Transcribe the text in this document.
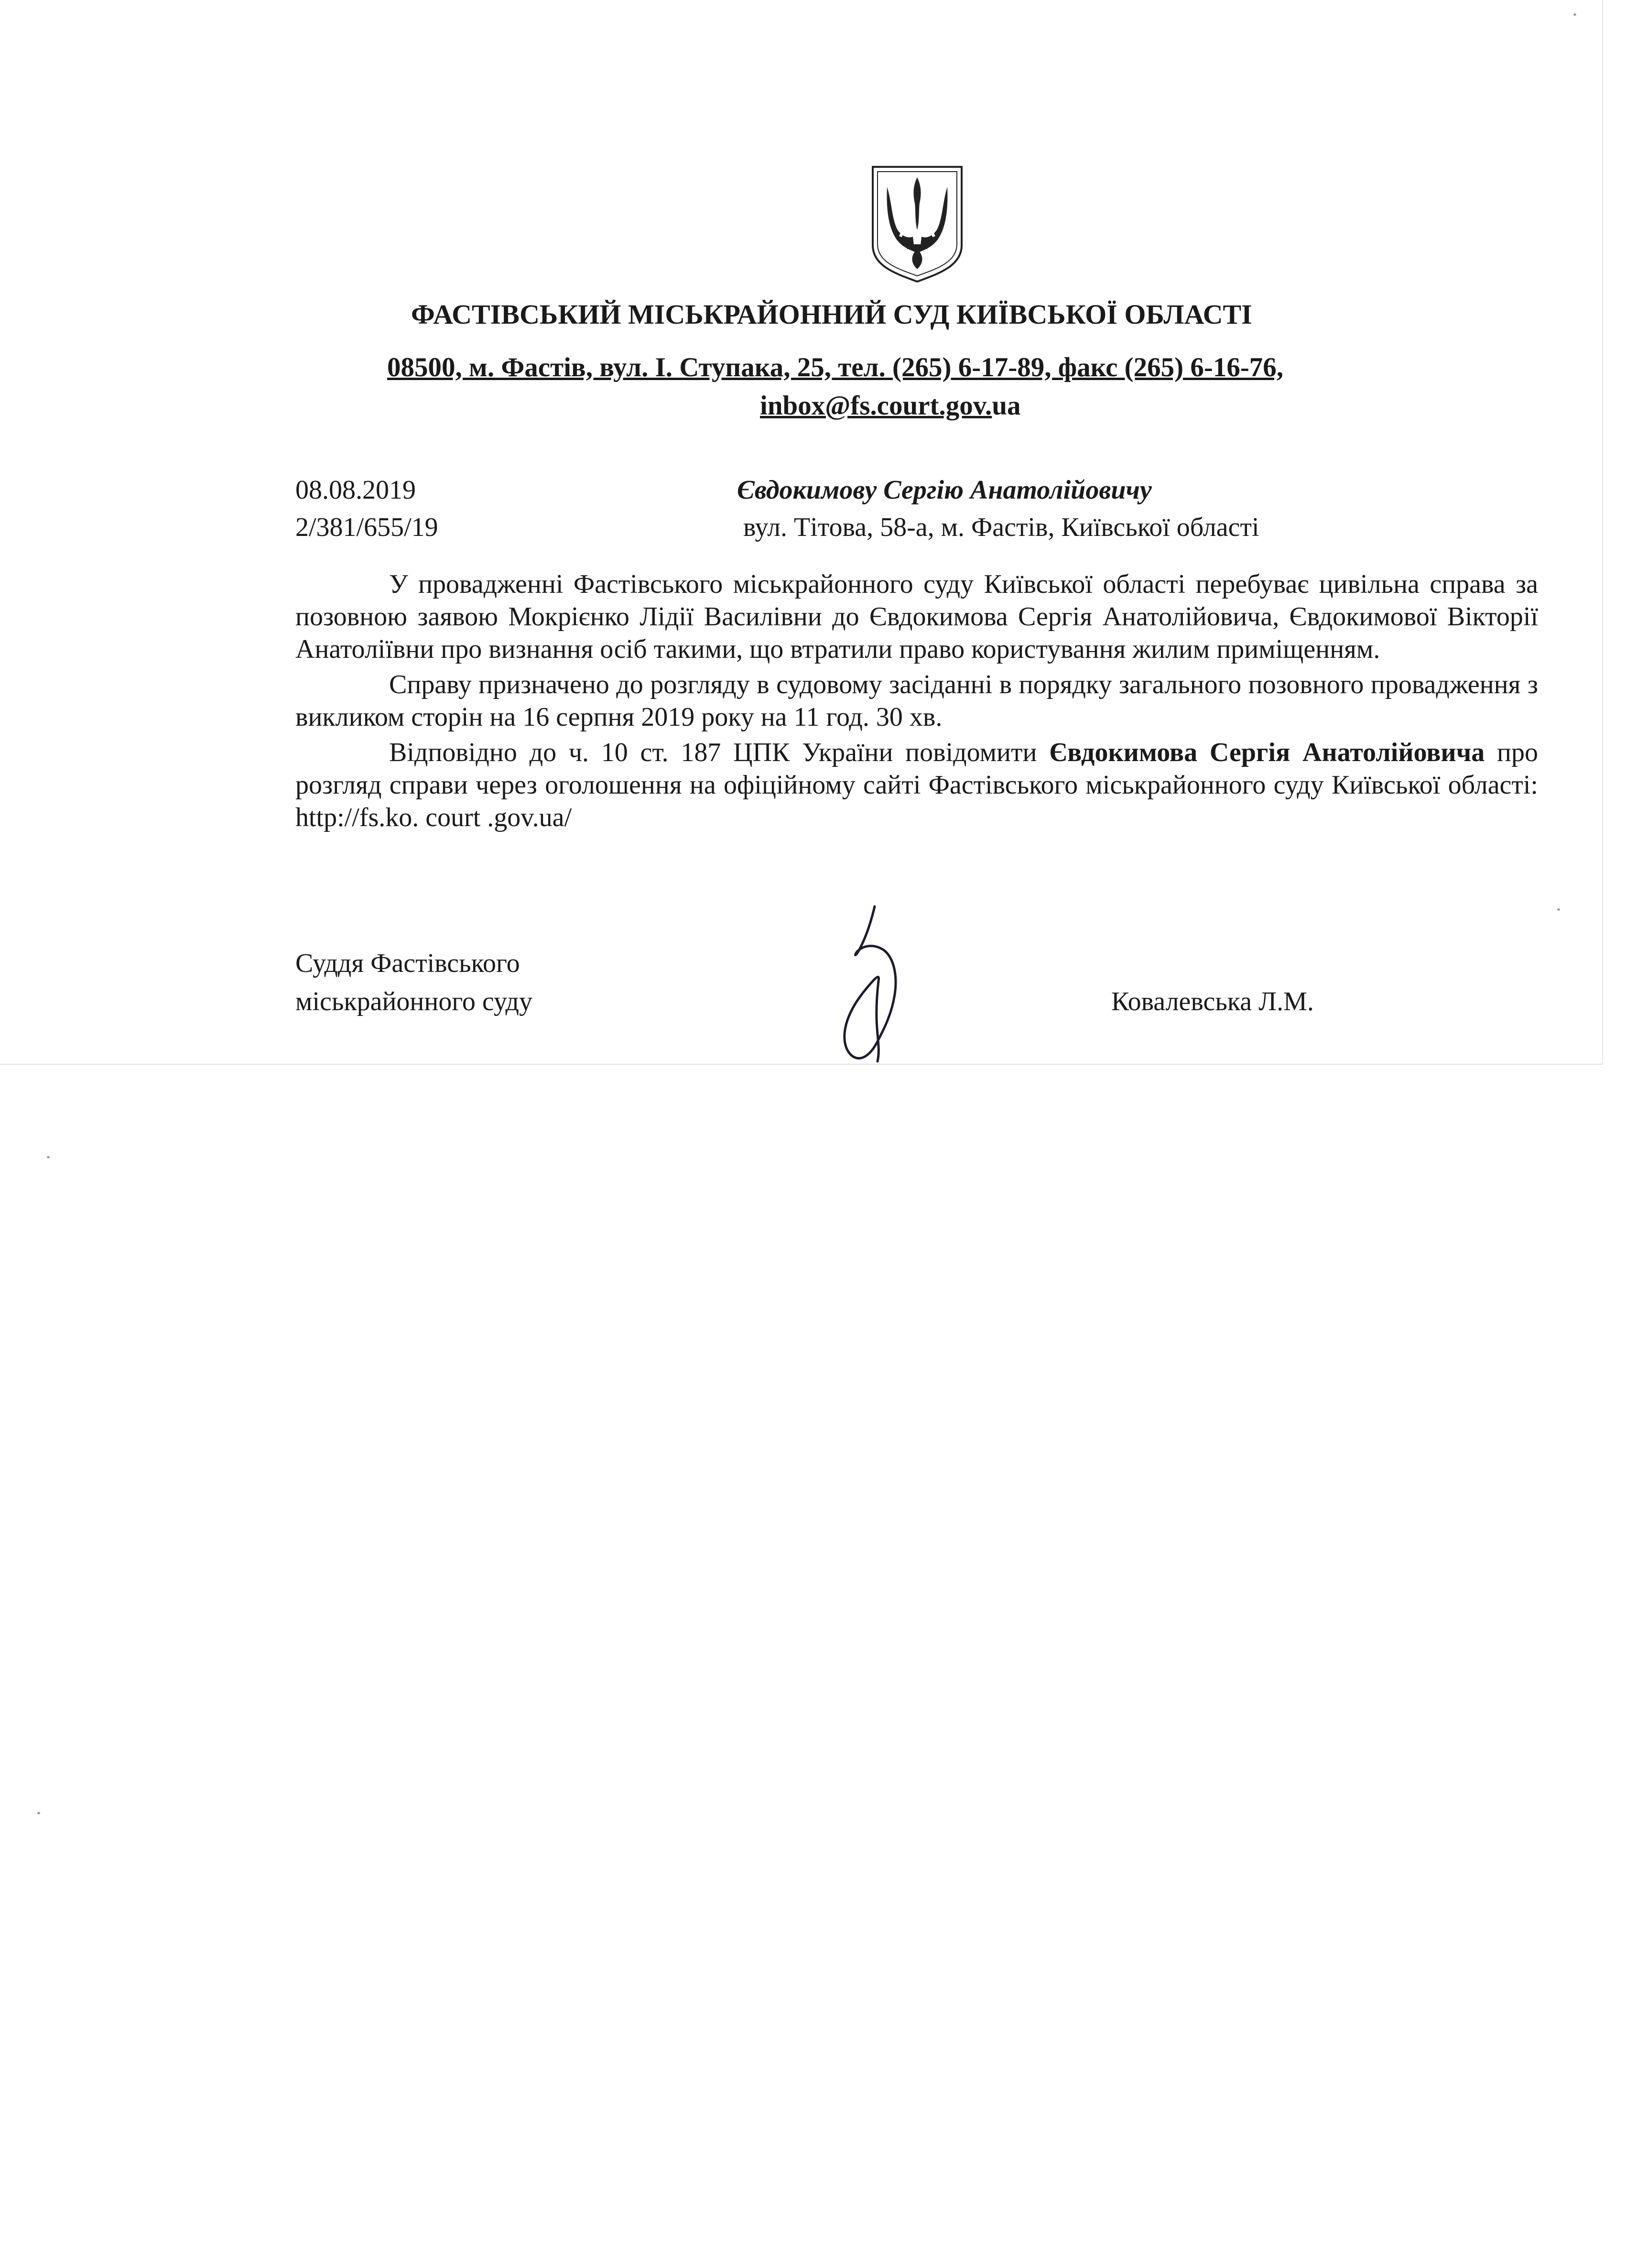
ФАСТІВСЬКИЙ МІСЬКРАЙОННИЙ СУД КИЇВСЬКОЇ ОБЛАСТІ
08500, м. Фастів, вул. І. Ступака, 25, тел. (265) 6-17-89, факс (265) 6-16-76,
inbox@fs.court.gov.ua
08.08.2019
2/381/655/19
Євдокимову Сергію Анатолійовичу
вул. Тітова, 58-а, м. Фастів, Київської області

У провадженні Фастівського міськрайонного суду Київської області перебуває цивільна справа за позовною заявою Мокрієнко Лідії Василівни до Євдокимова Сергія Анатолійовича, Євдокимової Вікторії Анатоліївни про визнання осіб такими, що втратили право користування жилим приміщенням.

Справу призначено до розгляду в судовому засіданні в порядку загального позовного провадження з викликом сторін на 16 серпня 2019 року на 11 год. 30 хв.

Відповідно до ч. 10 ст. 187 ЦПК України повідомити Євдокимова Сергія Анатолійовича про розгляд справи через оголошення на офіційному сайті Фастівського міськрайонного суду Київської області: http://fs.ko. court .gov.ua/

Суддя Фастівського
міськрайонного суду	Ковалевська Л.М.
